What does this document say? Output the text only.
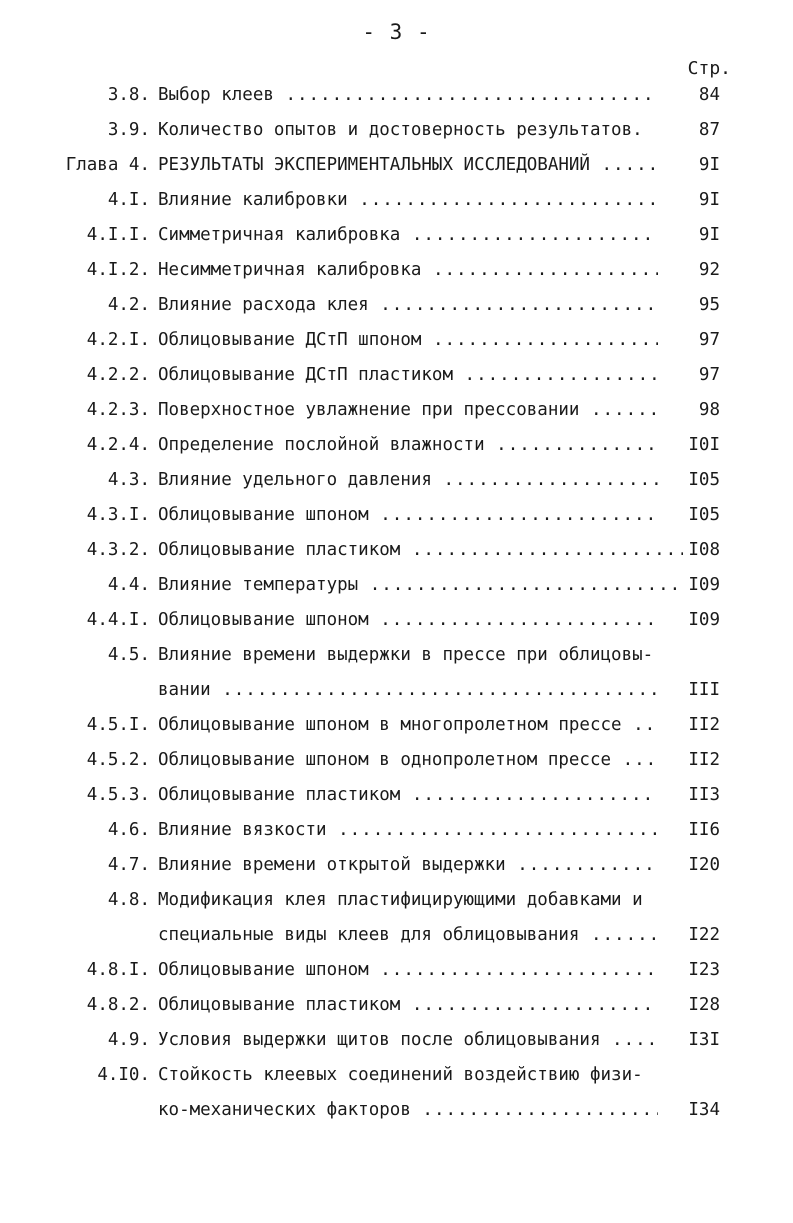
- 3 -
Стр.
3.8. Выбор клеев .....	84
3.9. Количество опытов и достоверность результатов.	87
Глава 4. РЕЗУЛЬТАТЫ ЭКСПЕРИМЕНТАЛЬНЫХ ИССЛЕДОВАНИЙ .....	9I
4.I. Влияние калибровки .....	9I
4.I.I. Симметричная калибровка .....	9I
4.I.2. Несимметричная калибровка .....	92
4.2. Влияние расхода клея .....	95
4.2.I. Облицовывание ДСтП шпоном .....	97
4.2.2. Облицовывание ДСтП пластиком .....	97
4.2.3. Поверхностное увлажнение при прессовании .....	98
4.2.4. Определение послойной влажности .....	I0I
4.3. Влияние удельного давления .....	I05
4.3.I. Облицовывание шпоном .....	I05
4.3.2. Облицовывание пластиком .....	I08
4.4. Влияние температуры .....	I09
4.4.I. Облицовывание шпоном .....	I09
4.5. Влияние времени выдержки в прессе при облицовы-
вании .....	III
4.5.I. Облицовывание шпоном в многопролетном прессе .....	II2
4.5.2. Облицовывание шпоном в однопролетном прессе .....	II2
4.5.3. Облицовывание пластиком .....	II3
4.6. Влияние вязкости .....	II6
4.7. Влияние времени открытой выдержки .....	I20
4.8. Модификация клея пластифицирующими добавками и
специальные виды клеев для облицовывания .....	I22
4.8.I. Облицовывание шпоном .....	I23
4.8.2. Облицовывание пластиком .....	I28
4.9. Условия выдержки щитов после облицовывания .....	I3I
4.I0. Стойкость клеевых соединений воздействию физи-
ко-механических факторов .....	I34
